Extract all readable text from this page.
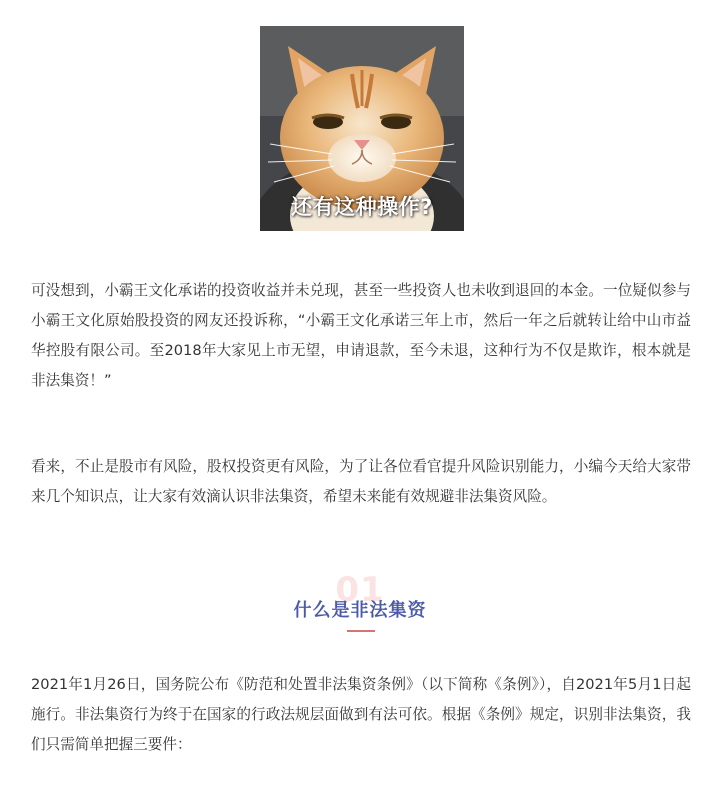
还有这种操作?

可没想到，小霸王文化承诺的投资收益并未兑现，甚至一些投资人也未收到退回的本金。一位疑似参与小霸王文化原始股投资的网友还投诉称，“小霸王文化承诺三年上市，然后一年之后就转让给中山市益华控股有限公司。至2018年大家见上市无望，申请退款，至今未退，这种行为不仅是欺诈，根本就是非法集资！”

看来，不止是股市有风险，股权投资更有风险，为了让各位看官提升风险识别能力，小编今天给大家带来几个知识点，让大家有效滴认识非法集资，希望未来能有效规避非法集资风险。

01
什么是非法集资

2021年1月26日，国务院公布《防范和处置非法集资条例》（以下简称《条例》），自2021年5月1日起施行。非法集资行为终于在国家的行政法规层面做到有法可依。根据《条例》规定，识别非法集资，我们只需简单把握三要件：
